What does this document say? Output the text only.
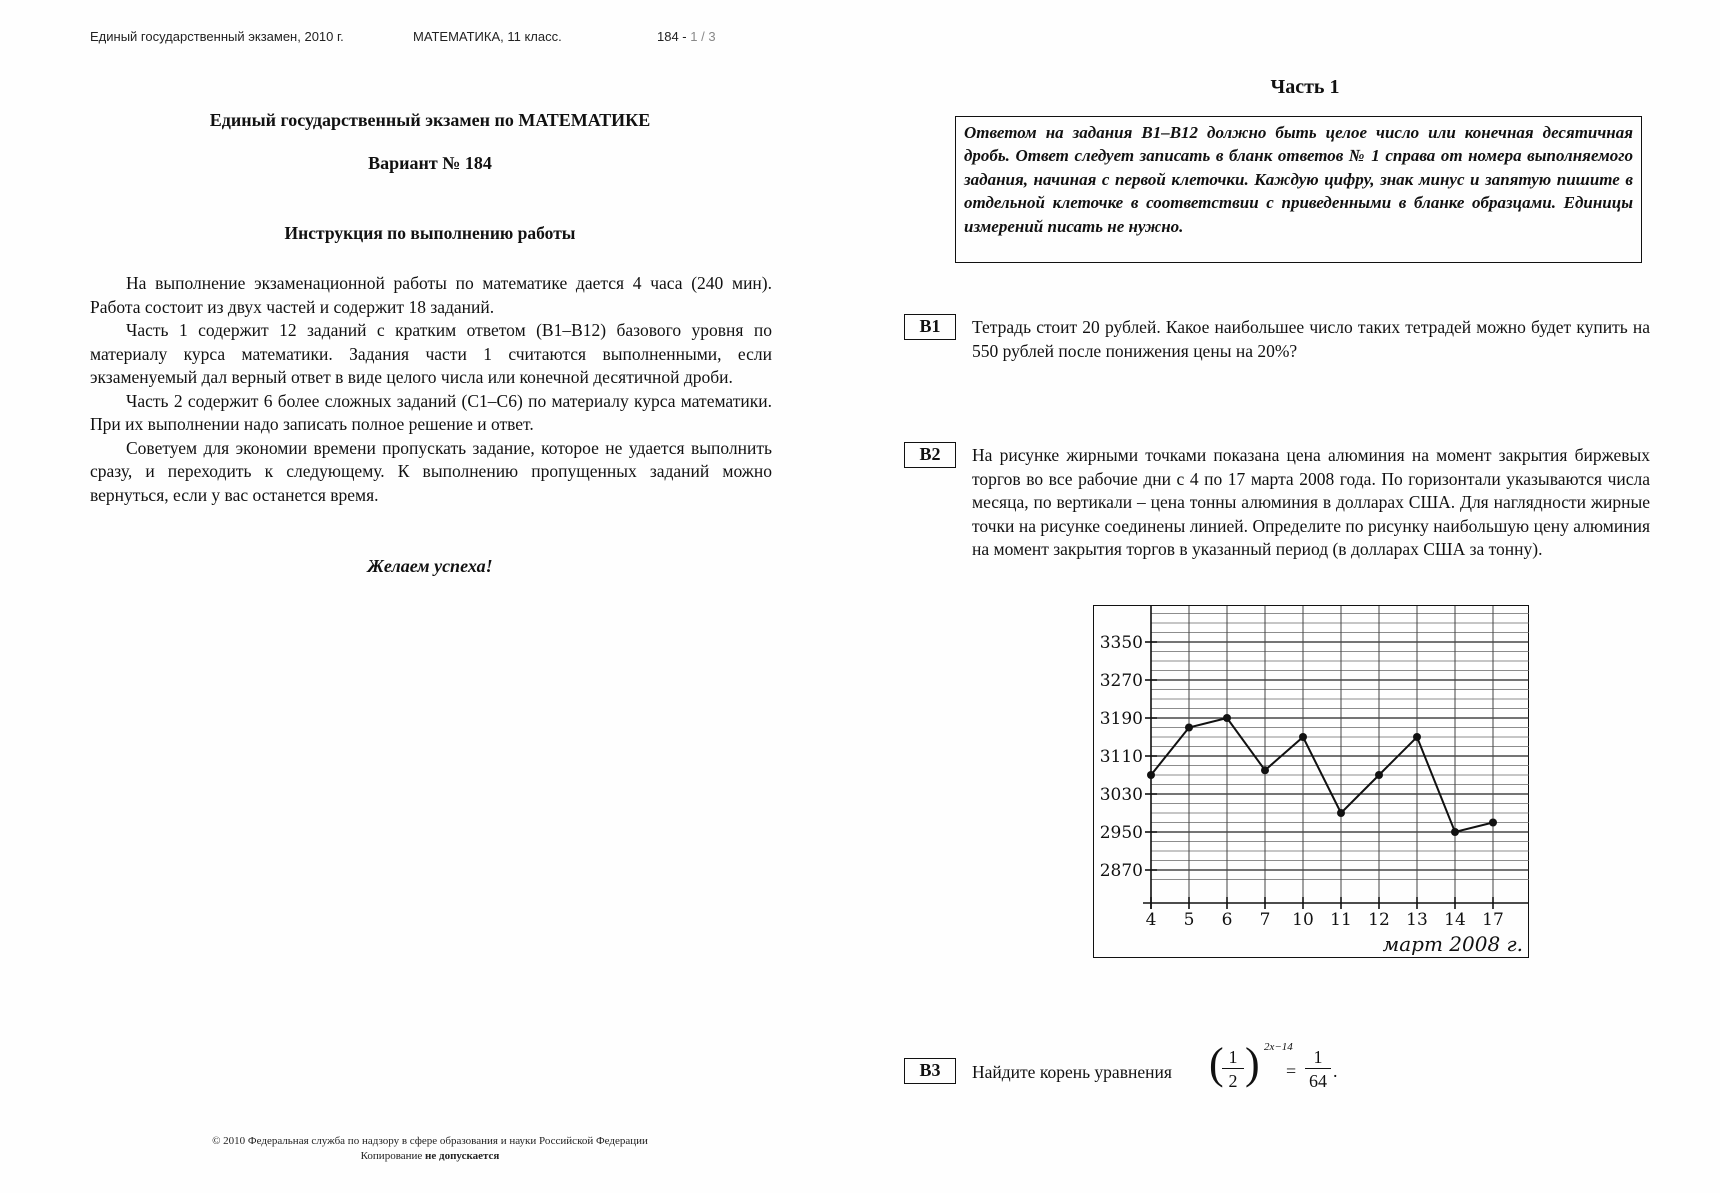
Единый государственный экзамен, 2010 г.	МАТЕМАТИКА, 11 класс.	184 - 1 / 3
Единый государственный экзамен по МАТЕМАТИКЕ
Вариант № 184
Инструкция по выполнению работы

На выполнение экзаменационной работы по математике дается 4 часа (240 мин). Работа состоит из двух частей и содержит 18 заданий.

Часть 1 содержит 12 заданий с кратким ответом (В1–В12) базового уровня по материалу курса математики. Задания части 1 считаются выполненными, если экзаменуемый дал верный ответ в виде целого числа или конечной десятичной дроби.

Часть 2 содержит 6 более сложных заданий (С1–С6) по материалу курса математики. При их выполнении надо записать полное решение и ответ.

Советуем для экономии времени пропускать задание, которое не удается выполнить сразу, и переходить к следующему. К выполнению пропущенных заданий можно вернуться, если у вас останется время.

Желаем успеха!
© 2010 Федеральная служба по надзору в сфере образования и науки Российской Федерации
Копирование не допускается
Часть 1
Ответом на задания В1–В12 должно быть целое число или конечная десятичная дробь. Ответ следует записать в бланк ответов № 1 справа от номера выполняемого задания, начиная с первой клеточки. Каждую цифру, знак минус и запятую пишите в отдельной клеточке в соответствии с приведенными в бланке образцами. Единицы измерений писать не нужно.
B1	Тетрадь стоит 20 рублей. Какое наибольшее число таких тетрадей можно будет купить на 550 рублей после понижения цены на 20%?
B2	На рисунке жирными точками показана цена алюминия на момент закрытия биржевых торгов во все рабочие дни с 4 по 17 марта 2008 года. По горизонтали указываются числа месяца, по вертикали – цена тонны алюминия в долларах США. Для наглядности жирные точки на рисунке соединены линией. Определите по рисунку наибольшую цену алюминия на момент закрытия торгов в указанный период (в долларах США за тонну).
2870
2950
3030
3110
3190
3270
3350
4 5 6 7 10 11 12 13 14 17
март 2008 г.
B3	Найдите корень уравнения (
$\frac{1}{2}$ ) 2x−14
= $\frac{1}{64}$ .
